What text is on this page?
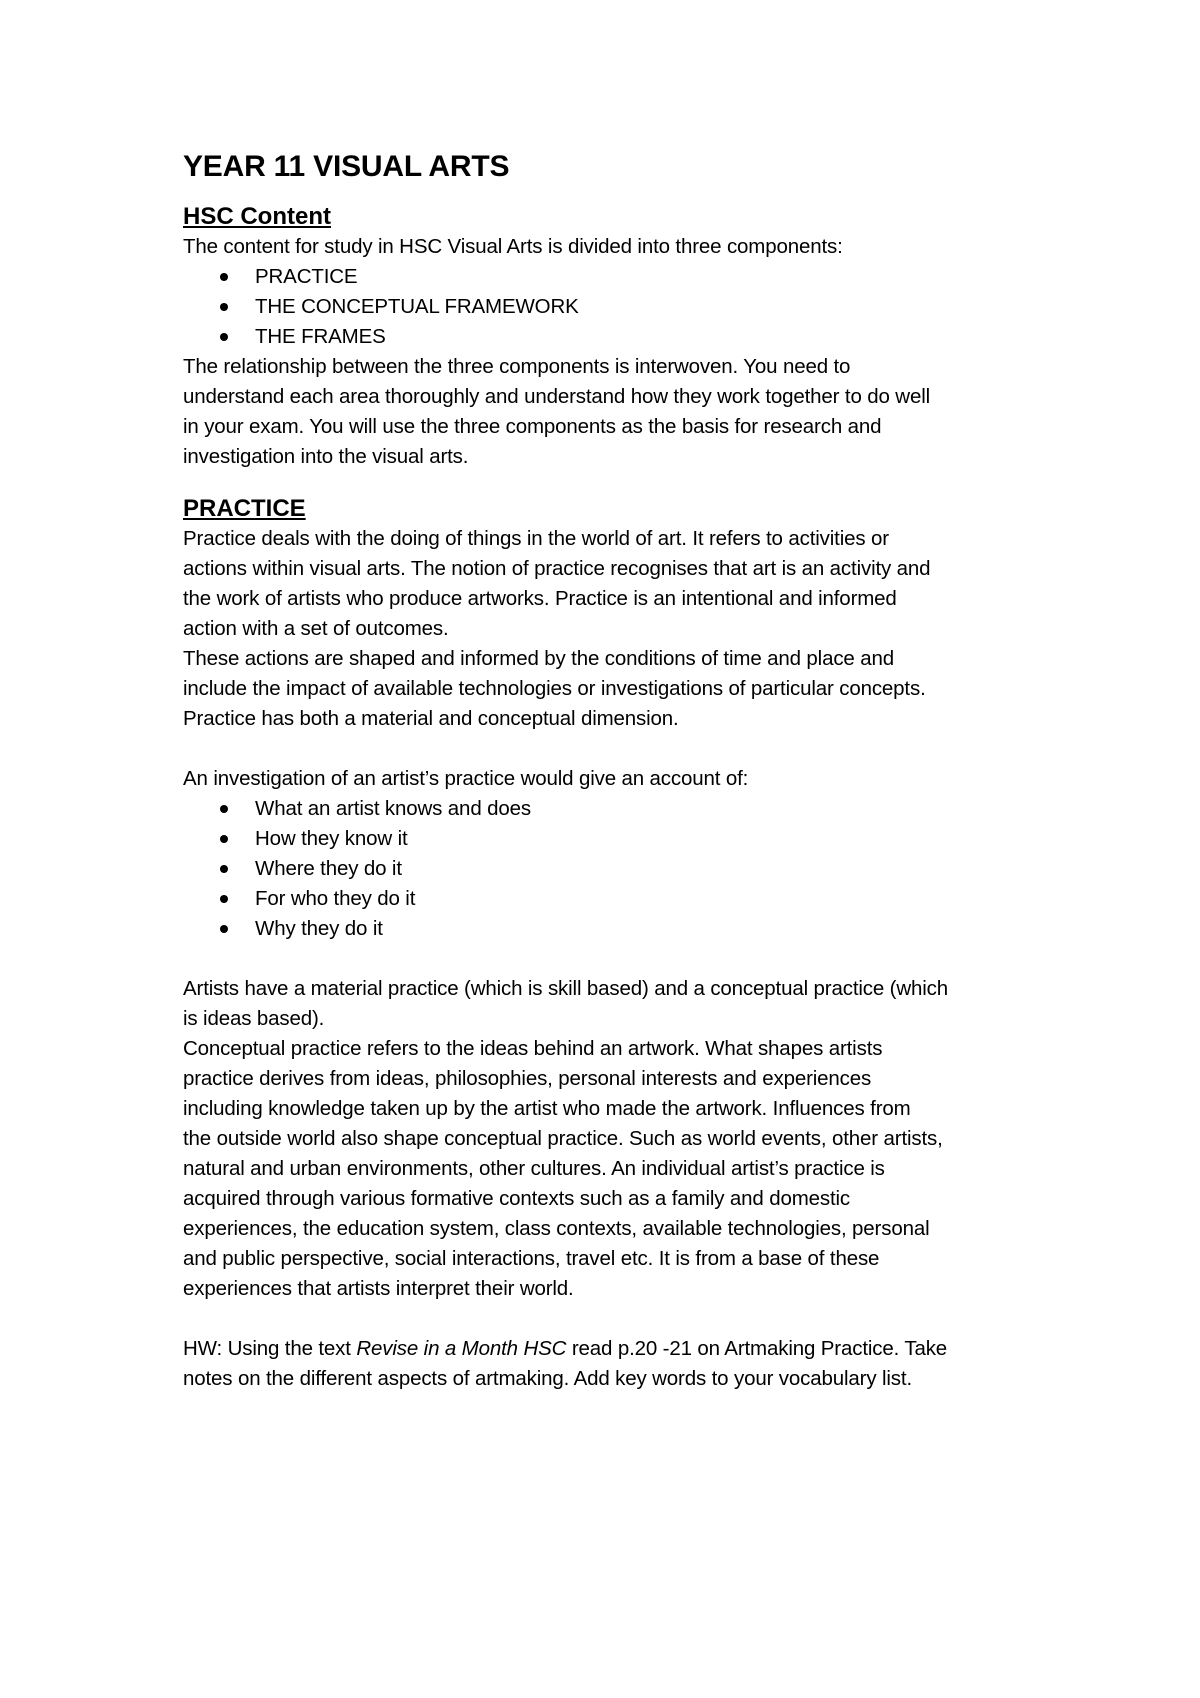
YEAR 11 VISUAL ARTS
HSC Content

The content for study in HSC Visual Arts is divided into three components:

PRACTICE
THE CONCEPTUAL FRAMEWORK
THE FRAMES

The relationship between the three components is interwoven. You need to
understand each area thoroughly and understand how they work together to do well
in your exam. You will use the three components as the basis for research and
investigation into the visual arts.

PRACTICE

Practice deals with the doing of things in the world of art. It refers to activities or
actions within visual arts. The notion of practice recognises that art is an activity and
the work of artists who produce artworks. Practice is an intentional and informed
action with a set of outcomes.

These actions are shaped and informed by the conditions of time and place and
include the impact of available technologies or investigations of particular concepts.
Practice has both a material and conceptual dimension.

An investigation of an artist’s practice would give an account of:

What an artist knows and does
How they know it
Where they do it
For who they do it
Why they do it

Artists have a material practice (which is skill based) and a conceptual practice (which
is ideas based).

Conceptual practice refers to the ideas behind an artwork. What shapes artists
practice derives from ideas, philosophies, personal interests and experiences
including knowledge taken up by the artist who made the artwork. Influences from
the outside world also shape conceptual practice. Such as world events, other artists,
natural and urban environments, other cultures. An individual artist’s practice is
acquired through various formative contexts such as a family and domestic
experiences, the education system, class contexts, available technologies, personal
and public perspective, social interactions, travel etc. It is from a base of these
experiences that artists interpret their world.

HW: Using the text Revise in a Month HSC read p.20 -21 on Artmaking Practice. Take
notes on the different aspects of artmaking. Add key words to your vocabulary list.
